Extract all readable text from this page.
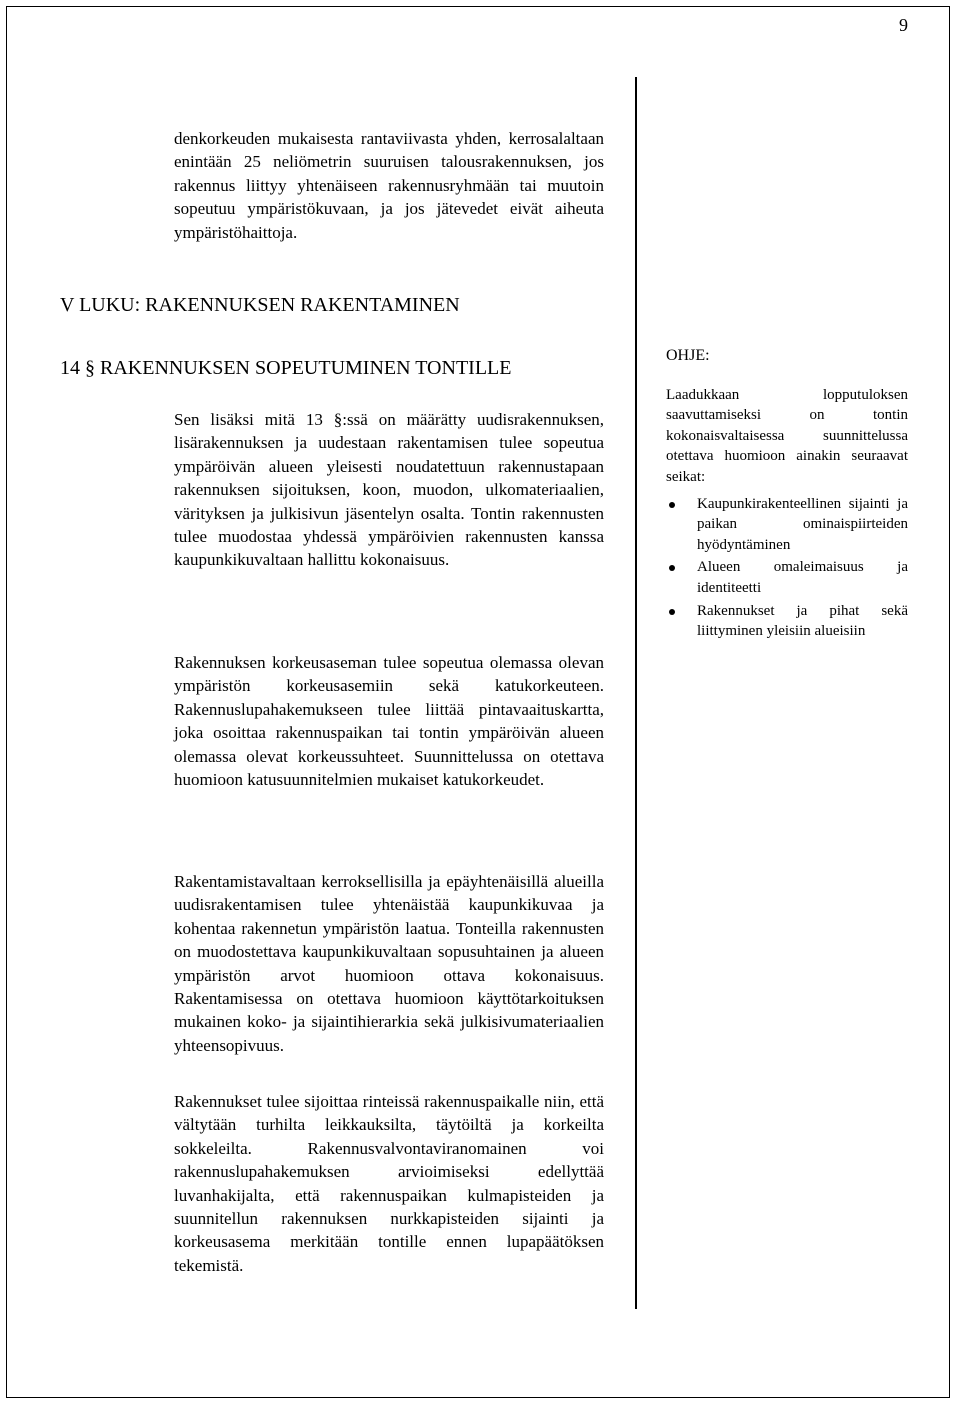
9

denkorkeuden mukaisesta rantaviivasta yhden, kerrosalaltaan enintään 25 neliömetrin suuruisen talousrakennuksen, jos rakennus liittyy yhtenäiseen rakennusryhmään tai muutoin sopeutuu ympäristökuvaan, ja jos jätevedet eivät aiheuta ympäristöhaittoja.

V LUKU: RAKENNUKSEN RAKENTAMINEN
14 § RAKENNUKSEN SOPEUTUMINEN TONTILLE

Sen lisäksi mitä 13 §:ssä on määrätty uudisrakennuksen, lisärakennuksen ja uudestaan rakentamisen tulee sopeutua ympäröivän alueen yleisesti noudatettuun rakennustapaan rakennuksen sijoituksen, koon, muodon, ulkomateriaalien, värityksen ja julkisivun jäsentelyn osalta. Tontin rakennusten tulee muodostaa yhdessä ympäröivien rakennusten kanssa kaupunkikuvaltaan hallittu kokonaisuus.

Rakennuksen korkeusaseman tulee sopeutua olemassa olevan ympäristön korkeusasemiin sekä katukorkeuteen. Rakennuslupahakemukseen tulee liittää pintavaaituskartta, joka osoittaa rakennuspaikan tai tontin ympäröivän alueen olemassa olevat korkeussuhteet. Suunnittelussa on otettava huomioon katusuunnitelmien mukaiset katukorkeudet.

Rakentamistavaltaan kerroksellisilla ja epäyhtenäisillä alueilla uudisrakentamisen tulee yhtenäistää kaupunkikuvaa ja kohentaa rakennetun ympäristön laatua. Tonteilla rakennusten on muodostettava kaupunkikuvaltaan sopusuhtainen ja alueen ympäristön arvot huomioon ottava kokonaisuus. Rakentamisessa on otettava huomioon käyttötarkoituksen mukainen koko- ja sijaintihierarkia sekä julkisivumateriaalien yhteensopivuus.

Rakennukset tulee sijoittaa rinteissä rakennuspaikalle niin, että vältytään turhilta leikkauksilta, täytöiltä ja korkeilta sokkeleilta. Rakennusvalvontaviranomainen voi rakennuslupahakemuksen arvioimiseksi edellyttää luvanhakijalta, että rakennuspaikan kulmapisteiden ja suunnitellun rakennuksen nurkkapisteiden sijainti ja korkeusasema merkitään tontille ennen lupapäätöksen tekemistä.

OHJE:
Laadukkaan lopputuloksen saavuttamiseksi on tontin kokonaisvaltaisessa suunnittelussa otettava huomioon ainakin seuraavat seikat:
Kaupunkirakenteellinen sijainti ja paikan ominaispiirteiden hyödyntäminen
Alueen omaleimaisuus ja identiteetti
Rakennukset ja pihat sekä liittyminen yleisiin alueisiin
